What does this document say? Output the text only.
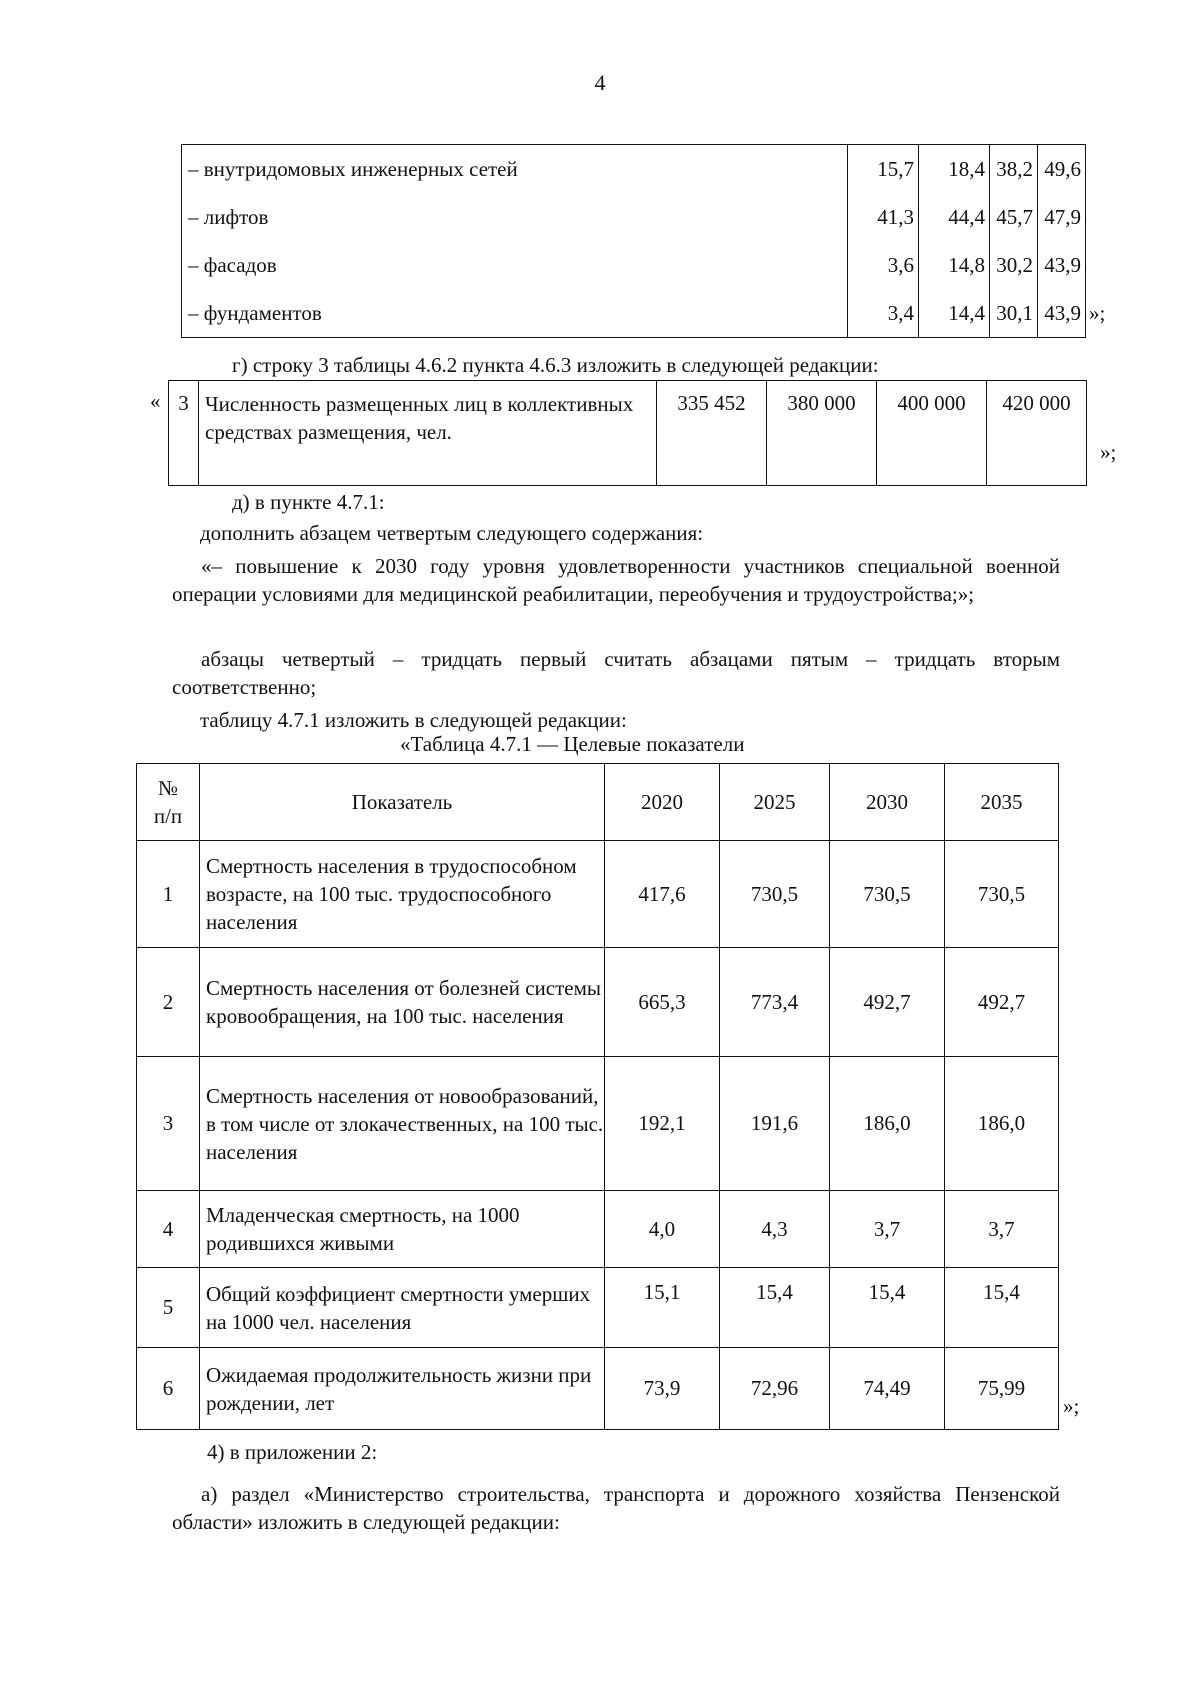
4
– внутридомовых инженерных сетей	15,7	18,4	38,2	49,6
– лифтов	41,3	44,4	45,7	47,9
– фасадов	3,6	14,8	30,2	43,9
– фундаментов	3,4	14,4	30,1	43,9 »;
г) строку 3 таблицы 4.6.2 пункта 4.6.3 изложить в следующей редакции:
« 3	Численность размещенных лиц в коллективных средствах размещения, чел.	335 452	380 000	400 000	420 000
»;
д) в пункте 4.7.1:
дополнить абзацем четвертым следующего содержания:
«– повышение к 2030 году уровня удовлетворенности участников специальной военной операции условиями для медицинской реабилитации, переобучения и трудоустройства;»;
абзацы четвертый – тридцать первый считать абзацами пятым – тридцать вторым соответственно;
таблицу 4.7.1 изложить в следующей редакции:
«Таблица 4.7.1 — Целевые показатели
№ п/п	Показатель	2020	2025	2030	2035
1	Смертность населения в трудоспособном возрасте, на 100 тыс. трудоспособного населения	417,6	730,5	730,5	730,5
2	Смертность населения от болезней системы кровообращения, на 100 тыс. населения	665,3	773,4	492,7	492,7
3	Смертность населения от новообразований, в том числе от злокачественных, на 100 тыс. населения	192,1	191,6	186,0	186,0
4	Младенческая смертность, на 1000 родившихся живыми	4,0	4,3	3,7	3,7
5	Общий коэффициент смертности умерших на 1000 чел. населения	15,1	15,4	15,4	15,4
6	Ожидаемая продолжительность жизни при рождении, лет	73,9	72,96	74,49	75,99
»;
4) в приложении 2:
а) раздел «Министерство строительства, транспорта и дорожного хозяйства Пензенской области» изложить в следующей редакции:
